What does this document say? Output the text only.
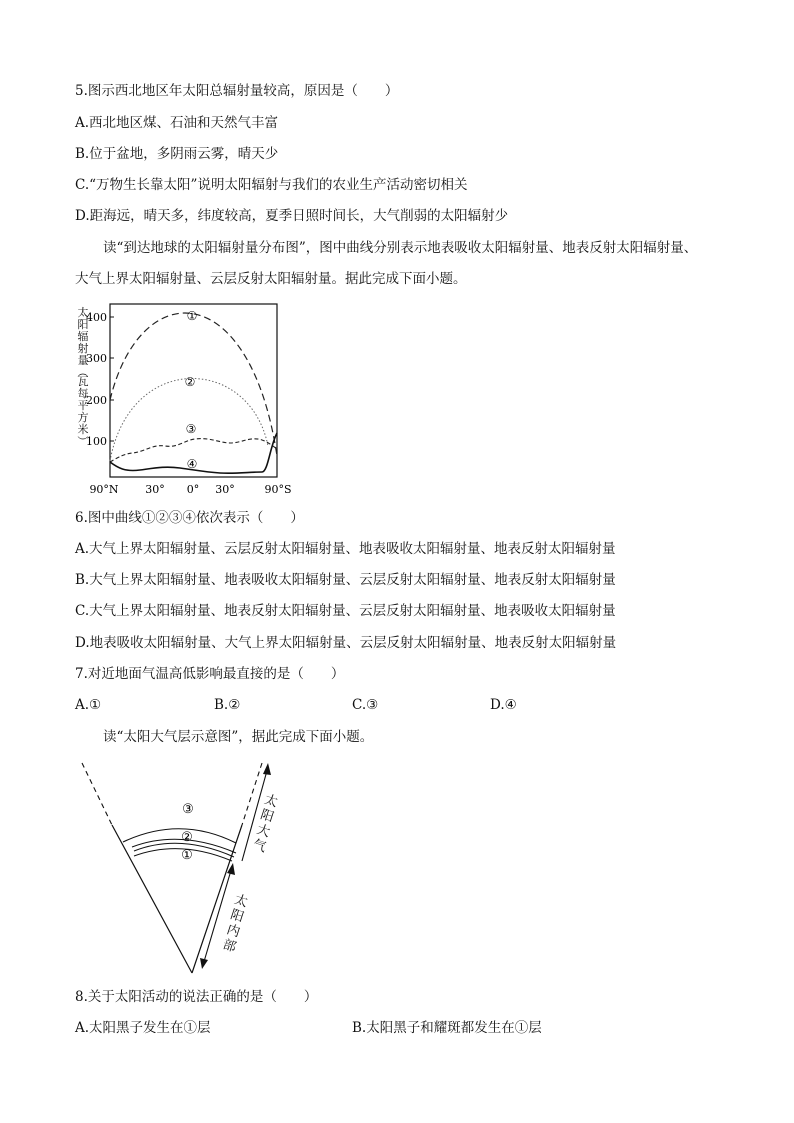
5.图示西北地区年太阳总辐射量较高，原因是（　　）
A.西北地区煤、石油和天然气丰富
B.位于盆地，多阴雨云雾，晴天少
C.“万物生长靠太阳”说明太阳辐射与我们的农业生产活动密切相关
D.距海远，晴天多，纬度较高，夏季日照时间长，大气削弱的太阳辐射少
读“到达地球的太阳辐射量分布图”，图中曲线分别表示地表吸收太阳辐射量、地表反射太阳辐射量、
大气上界太阳辐射量、云层反射太阳辐射量。据此完成下面小题。
太
阳
辐
射
量
（
瓦
每
平
方
米
）
400
300
200
100
①
②
③
④
90°N 30° 0° 30°	90°S
6.图中曲线①②③④依次表示（　　）
A.大气上界太阳辐射量、云层反射太阳辐射量、地表吸收太阳辐射量、地表反射太阳辐射量
B.大气上界太阳辐射量、地表吸收太阳辐射量、云层反射太阳辐射量、地表反射太阳辐射量
C.大气上界太阳辐射量、地表反射太阳辐射量、云层反射太阳辐射量、地表吸收太阳辐射量
D.地表吸收太阳辐射量、大气上界太阳辐射量、云层反射太阳辐射量、地表反射太阳辐射量
7.对近地面气温高低影响最直接的是（　　）
A.①	B.②	C.③	D.④
读“太阳大气层示意图”，据此完成下面小题。
③
②
①
太
阳
大
气
太
阳
内
部
8.关于太阳活动的说法正确的是（　　）
A.太阳黑子发生在①层	B.太阳黑子和耀斑都发生在①层
